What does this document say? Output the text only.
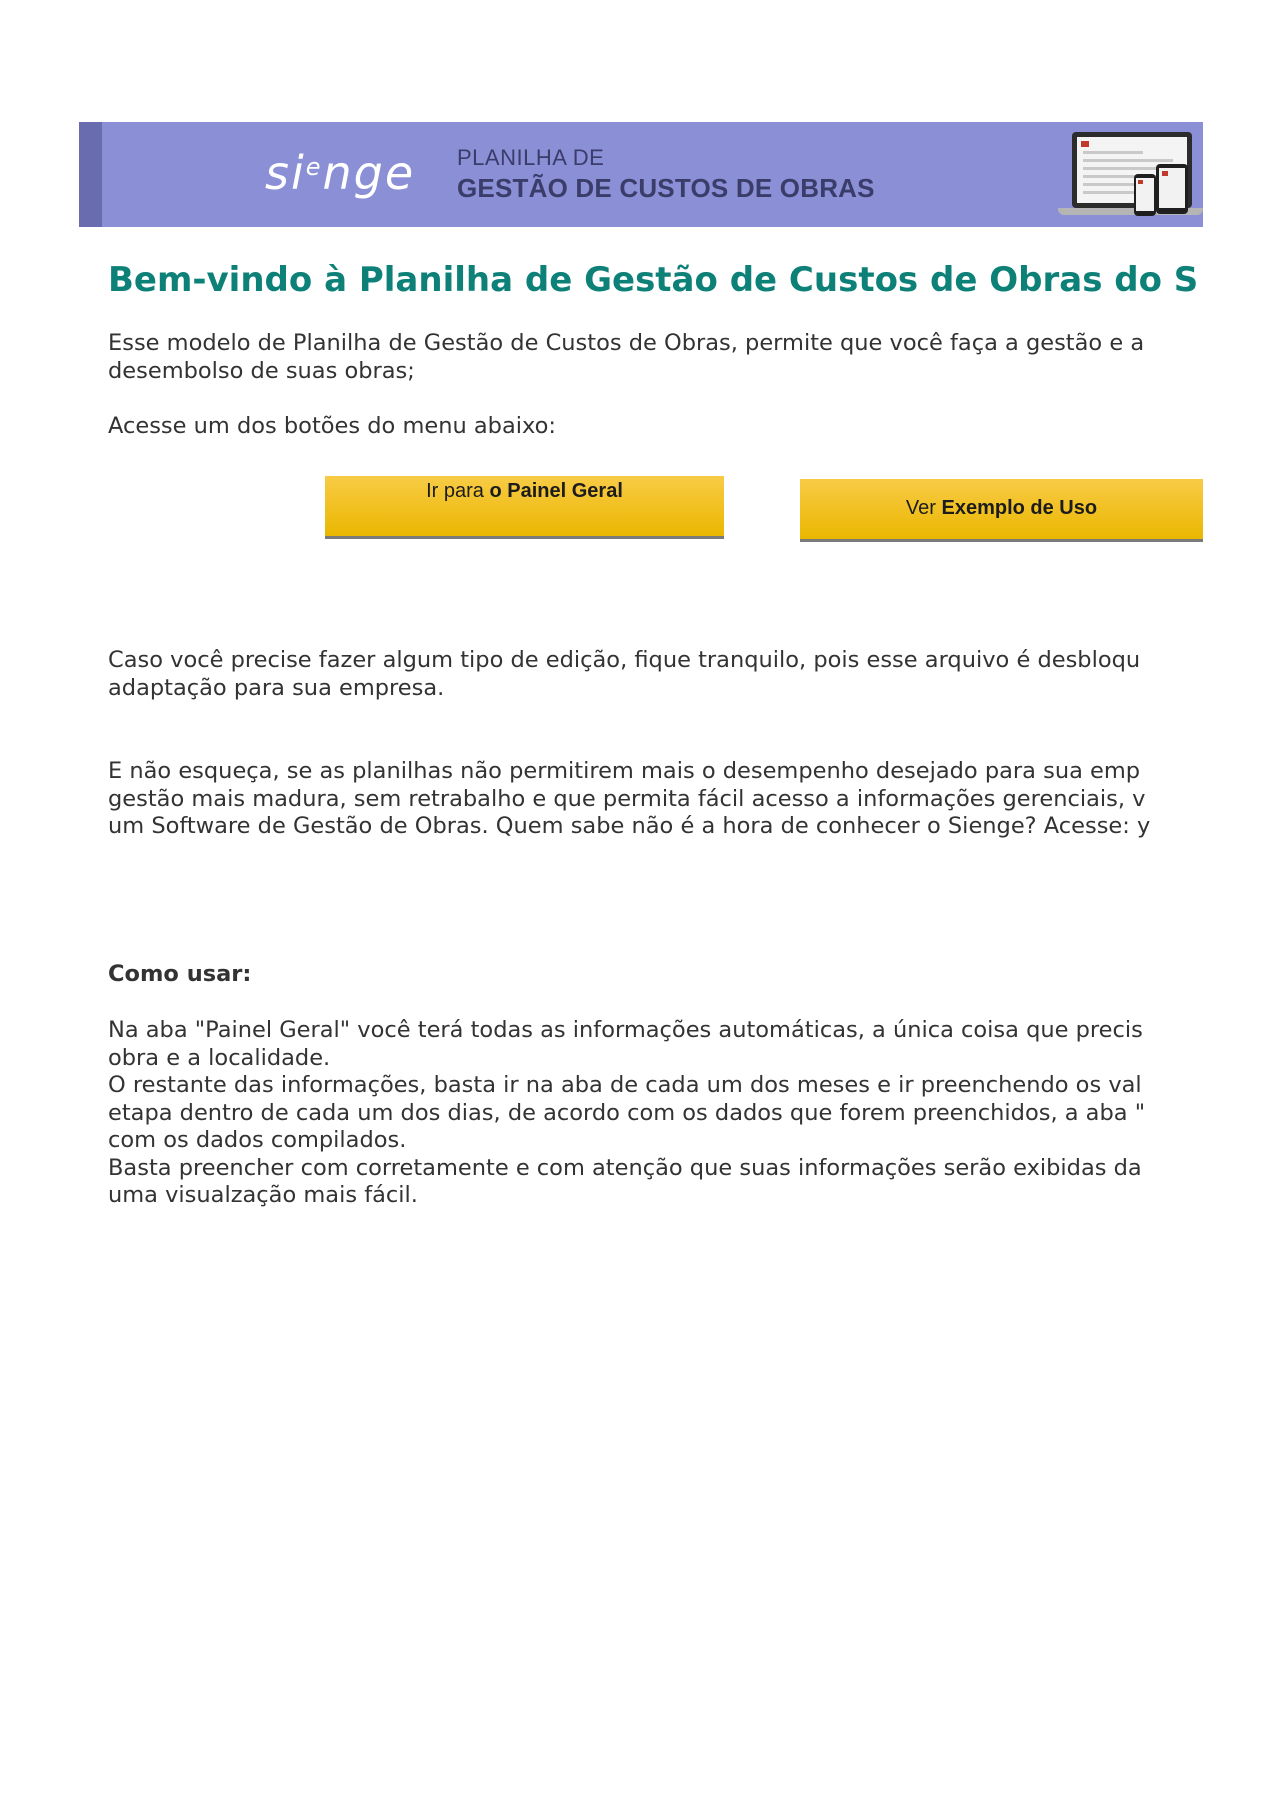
$si^enge$ PLANILHA DE
GESTÃO DE CUSTOS DE OBRAS
Bem-vindo à Planilha de Gestão de Custos de Obras do S
Esse modelo de Planilha de Gestão de Custos de Obras, permite que você faça a gestão e a
desembolso de suas obras;
Acesse um dos botões do menu abaixo:
Ir para o Painel Geral
Ver Exemplo de Uso
Caso você precise fazer algum tipo de edição, fique tranquilo, pois esse arquivo é desbloqu
adaptação para sua empresa.
E não esqueça, se as planilhas não permitirem mais o desempenho desejado para sua emp
gestão mais madura, sem retrabalho e que permita fácil acesso a informações gerenciais, v
um Software de Gestão de Obras. Quem sabe não é a hora de conhecer o Sienge? Acesse: y
Como usar:
Na aba "Painel Geral" você terá todas as informações automáticas, a única coisa que precis
obra e a localidade.
O restante das informações, basta ir na aba de cada um dos meses e ir preenchendo os val
etapa dentro de cada um dos dias, de acordo com os dados que forem preenchidos, a aba "
com os dados compilados.
Basta preencher com corretamente e com atenção que suas informações serão exibidas da
uma visualzação mais fácil.
